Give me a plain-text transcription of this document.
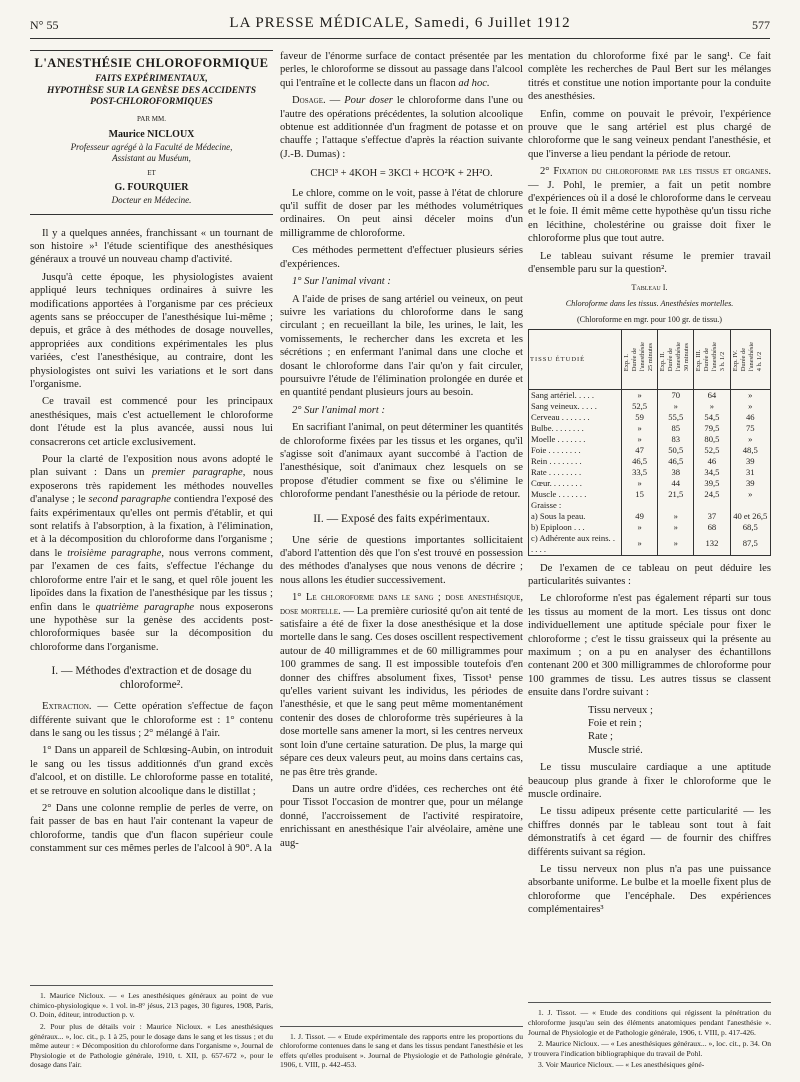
N° 55	LA PRESSE MÉDICALE, Samedi, 6 Juillet 1912	577
L'ANESTHÉSIE CHLOROFORMIQUE
FAITS EXPÉRIMENTAUX,
HYPOTHÈSE SUR LA GENÈSE DES ACCIDENTS
POST-CHLOROFORMIQUES
PAR MM.
Maurice NICLOUX
Professeur agrégé à la Faculté de Médecine,
Assistant au Muséum,
ET
G. FOURQUIER
Docteur en Médecine.

Il y a quelques années, franchissant « un tournant de son histoire »¹ l'étude scientifique des anesthésiques généraux a trouvé un nouveau champ d'activité.

Jusqu'à cette époque, les physiologistes avaient appliqué leurs techniques ordinaires à suivre les modifications apportées à l'organisme par ces précieux agents sans se préoccuper de l'anesthésique lui-même ; depuis, et grâce à des méthodes de dosage nouvelles, appropriées aux conditions expérimentales les plus variées, c'est l'anesthésique, au contraire, dont les physiologistes ont suivi les variations et le sort dans l'organisme.

Ce travail est commencé pour les principaux anesthésiques, mais c'est actuellement le chloroforme dont l'étude est la plus avancée, aussi nous lui consacrerons cet article exclusivement.

Pour la clarté de l'exposition nous avons adopté le plan suivant : Dans un premier paragraphe, nous exposerons très rapidement les méthodes nouvelles d'analyse ; le second paragraphe contiendra l'exposé des faits expérimentaux qu'elles ont permis d'établir, et qui sont relatifs à l'absorption, à la fixation, à l'élimination, et à la décomposition du chloroforme dans l'organisme ; dans le troisième paragraphe, nous verrons comment, par l'examen de ces faits, s'effectue l'échange du chloroforme entre l'air et le sang, et quel rôle jouent les lipoïdes dans la fixation de l'anesthésique par les tissus ; enfin dans le quatrième paragraphe nous exposerons une hypothèse sur la genèse des accidents post-chloroformiques basée sur la décomposition du chloroforme dans l'organisme.

I. — Méthodes d'extraction et de dosage du chloroforme².

Extraction. — Cette opération s'effectue de façon différente suivant que le chloroforme est : 1° contenu dans le sang ou les tissus ; 2° mélangé à l'air.

1° Dans un appareil de Schlœsing-Aubin, on introduit le sang ou les tissus additionnés d'un grand excès d'alcool, et on distille. Le chloroforme passe en totalité, et se retrouve en solution alcoolique dans le distillat ;

2° Dans une colonne remplie de perles de verre, on fait passer de bas en haut l'air contenant la vapeur de chloroforme, tandis que d'un flacon supérieur coule constamment sur ces mêmes perles de l'alcool à 90°. A la

1. Maurice Nicloux. — « Les anesthésiques généraux au point de vue chimico-physiologique ». 1 vol. in-8° jésus, 213 pages, 30 figures, 1908, Paris, O. Doin, éditeur, introduction p. v.

2. Pour plus de détails voir : Maurice Nicloux. « Les anesthésiques généraux... », loc. cit., p. 1 à 25, pour le dosage dans le sang et les tissus ; et du même auteur : « Décomposition du chloroforme dans l'organisme », Journal de Physiologie et de Pathologie générale, 1910, t. XII, p. 657-672 », pour le dosage dans l'air.

faveur de l'énorme surface de contact présentée par les perles, le chloroforme se dissout au passage dans l'alcool qui l'entraîne et le collecte dans un flacon ad hoc.

Dosage. — Pour doser le chloroforme dans l'une ou l'autre des opérations précédentes, la solution alcoolique obtenue est additionnée d'un fragment de potasse et on chauffe ; l'attaque s'effectue d'après la réaction suivante (J.-B. Dumas) :

CHCl³ + 4KOH = 3KCl + HCO²K + 2H²O.

Le chlore, comme on le voit, passe à l'état de chlorure qu'il suffit de doser par les méthodes volumétriques ordinaires. On peut ainsi déceler moins d'un milligramme de chloroforme.

Ces méthodes permettent d'effectuer plusieurs séries d'expériences.

1° Sur l'animal vivant :

A l'aide de prises de sang artériel ou veineux, on peut suivre les variations du chloroforme dans le sang circulant ; en recueillant la bile, les urines, le lait, les vomissements, le rechercher dans les excreta et les sécrétions ; en enfermant l'animal dans une cloche et dosant le chloroforme dans l'air qu'on y fait circuler, poursuivre l'étude de l'élimination prolongée en durée et en quantité pendant plusieurs jours au besoin.

2° Sur l'animal mort :

En sacrifiant l'animal, on peut déterminer les quantités de chloroforme fixées par les tissus et les organes, qu'il s'agisse soit d'animaux ayant succombé à l'action de l'anesthésique, soit d'animaux chez lesquels on se propose d'étudier comment se fixe ou s'élimine le chloroforme pendant l'anesthésie ou la période de retour.

II. — Exposé des faits expérimentaux.

Une série de questions importantes sollicitaient d'abord l'attention dès que l'on s'est trouvé en possession des méthodes d'analyses que nous venons de décrire ; nous allons les étudier successivement.

1° Le chloroforme dans le sang ; dose anesthésique, dose mortelle. — La première curiosité qu'on ait tenté de satisfaire a été de fixer la dose anesthésique et la dose mortelle dans le sang. Ces doses oscillent respectivement autour de 40 milligrammes et de 60 milligrammes pour 100 grammes de sang. Il est impossible toutefois d'en donner des chiffres absolument fixes, Tissot¹ pense qu'elles varient suivant les individus, les périodes de l'anesthésie, et que le sang peut même momentanément contenir des doses de chloroforme très supérieures à la dose mortelle sans amener la mort, si les centres nerveux sont loin d'une certaine saturation. De plus, la marge qui sépare ces deux valeurs peut, au moins dans certains cas, ne pas être très grande.

Dans un autre ordre d'idées, ces recherches ont été pour Tissot l'occasion de montrer que, pour un mélange donné, l'accroissement de l'activité respiratoire, enrichissant en anesthésique l'air alvéolaire, amène une aug-

1. J. Tissot. — « Etude expérimentale des rapports entre les proportions du chloroforme contenues dans le sang et dans les tissus pendant l'anesthésie et les effets qu'elles produisent ». Journal de Physiologie et de Pathologie générale, 1906, t. VIII, p. 442-453.

mentation du chloroforme fixé par le sang¹. Ce fait complète les recherches de Paul Bert sur les mélanges titrés et constitue une notion importante pour la conduite des anesthésies.

Enfin, comme on pouvait le prévoir, l'expérience prouve que le sang artériel est plus chargé de chloroforme que le sang veineux pendant l'anesthésie, et que l'inverse a lieu pendant la période de retour.

2° Fixation du chloroforme par les tissus et organes. — J. Pohl, le premier, a fait un petit nombre d'expériences où il a dosé le chloroforme dans le cerveau et le foie. Il émit même cette hypothèse qu'un tissu riche en lécithine, cholestérine ou graisse doit fixer le chloroforme plus que tout autre.

Le tableau suivant résume le premier travail d'ensemble paru sur la question².

Tableau I.
Chloroforme dans les tissus. Anesthésies mortelles.
(Chloroforme en mgr. pour 100 gr. de tissu.)
TISSU ÉTUDIÉ	Exp. I.
Durée de
l'anesthésie
25 minutes	Exp. II.
Durée de
l'anesthésie
30 minutes	Exp. III.
Durée de
l'anesthésie
3 h. 1/2	Exp. IV.
Durée de
l'anesthésie
4 h. 1/2
Sang artériel. . . . .	»	70	64	»
Sang veineux. . . . .	52,5	»	»	»
Cerveau . . . . . . .	59	55,5	54,5	46
Bulbe. . . . . . . .	»	85	79,5	75
Moelle . . . . . . .	»	83	80,5	»
Foie . . . . . . . .	47	50,5	52,5	48,5
Rein . . . . . . . .	46,5	46,5	46	39
Rate . . . . . . . .	33,5	38	34,5	31
Cœur. . . . . . . .	»	44	39,5	39
Muscle . . . . . . .	15	21,5	24,5	»
Graisse :				
a) Sous la peau.	49	»	37	40 et 26,5
b) Epiploon . . .	»	»	68	68,5
c) Adhérente aux reins. . . . . .	»	»	132	87,5

De l'examen de ce tableau on peut déduire les particularités suivantes :

Le chloroforme n'est pas également réparti sur tous les tissus au moment de la mort. Les tissus ont donc individuellement une aptitude spéciale pour fixer le chloroforme ; c'est le tissu graisseux qui la présente au maximum ; on a pu en analyser des échantillons contenant 200 et 300 milligrammes de chloroforme pour 100 grammes de tissu. Les autres tissus se classent ensuite dans l'ordre suivant :

Tissu nerveux ;
Foie et rein ;
Rate ;
Muscle strié.

Le tissu musculaire cardiaque a une aptitude beaucoup plus grande à fixer le chloroforme que le muscle ordinaire.

Le tissu adipeux présente cette particularité — les chiffres donnés par le tableau sont tout à fait démonstratifs à cet égard — de fournir des chiffres différents suivant sa région.

Le tissu nerveux non plus n'a pas une puissance absorbante uniforme. Le bulbe et la moelle fixent plus de chloroforme que l'encéphale. Des expériences complémentaires³

1. J. Tissot. — « Etude des conditions qui régissent la pénétration du chloroforme jusqu'au sein des éléments anatomiques pendant l'anesthésie ». Journal de Physiologie et de Pathologie générale, 1906, t. VIII, p. 417-426.

2. Maurice Nicloux. — « Les anesthésiques généraux... », loc. cit., p. 34. On y trouvera l'indication bibliographique du travail de Pohl.

3. Voir Maurice Nicloux. — « Les anesthésiques géné-
